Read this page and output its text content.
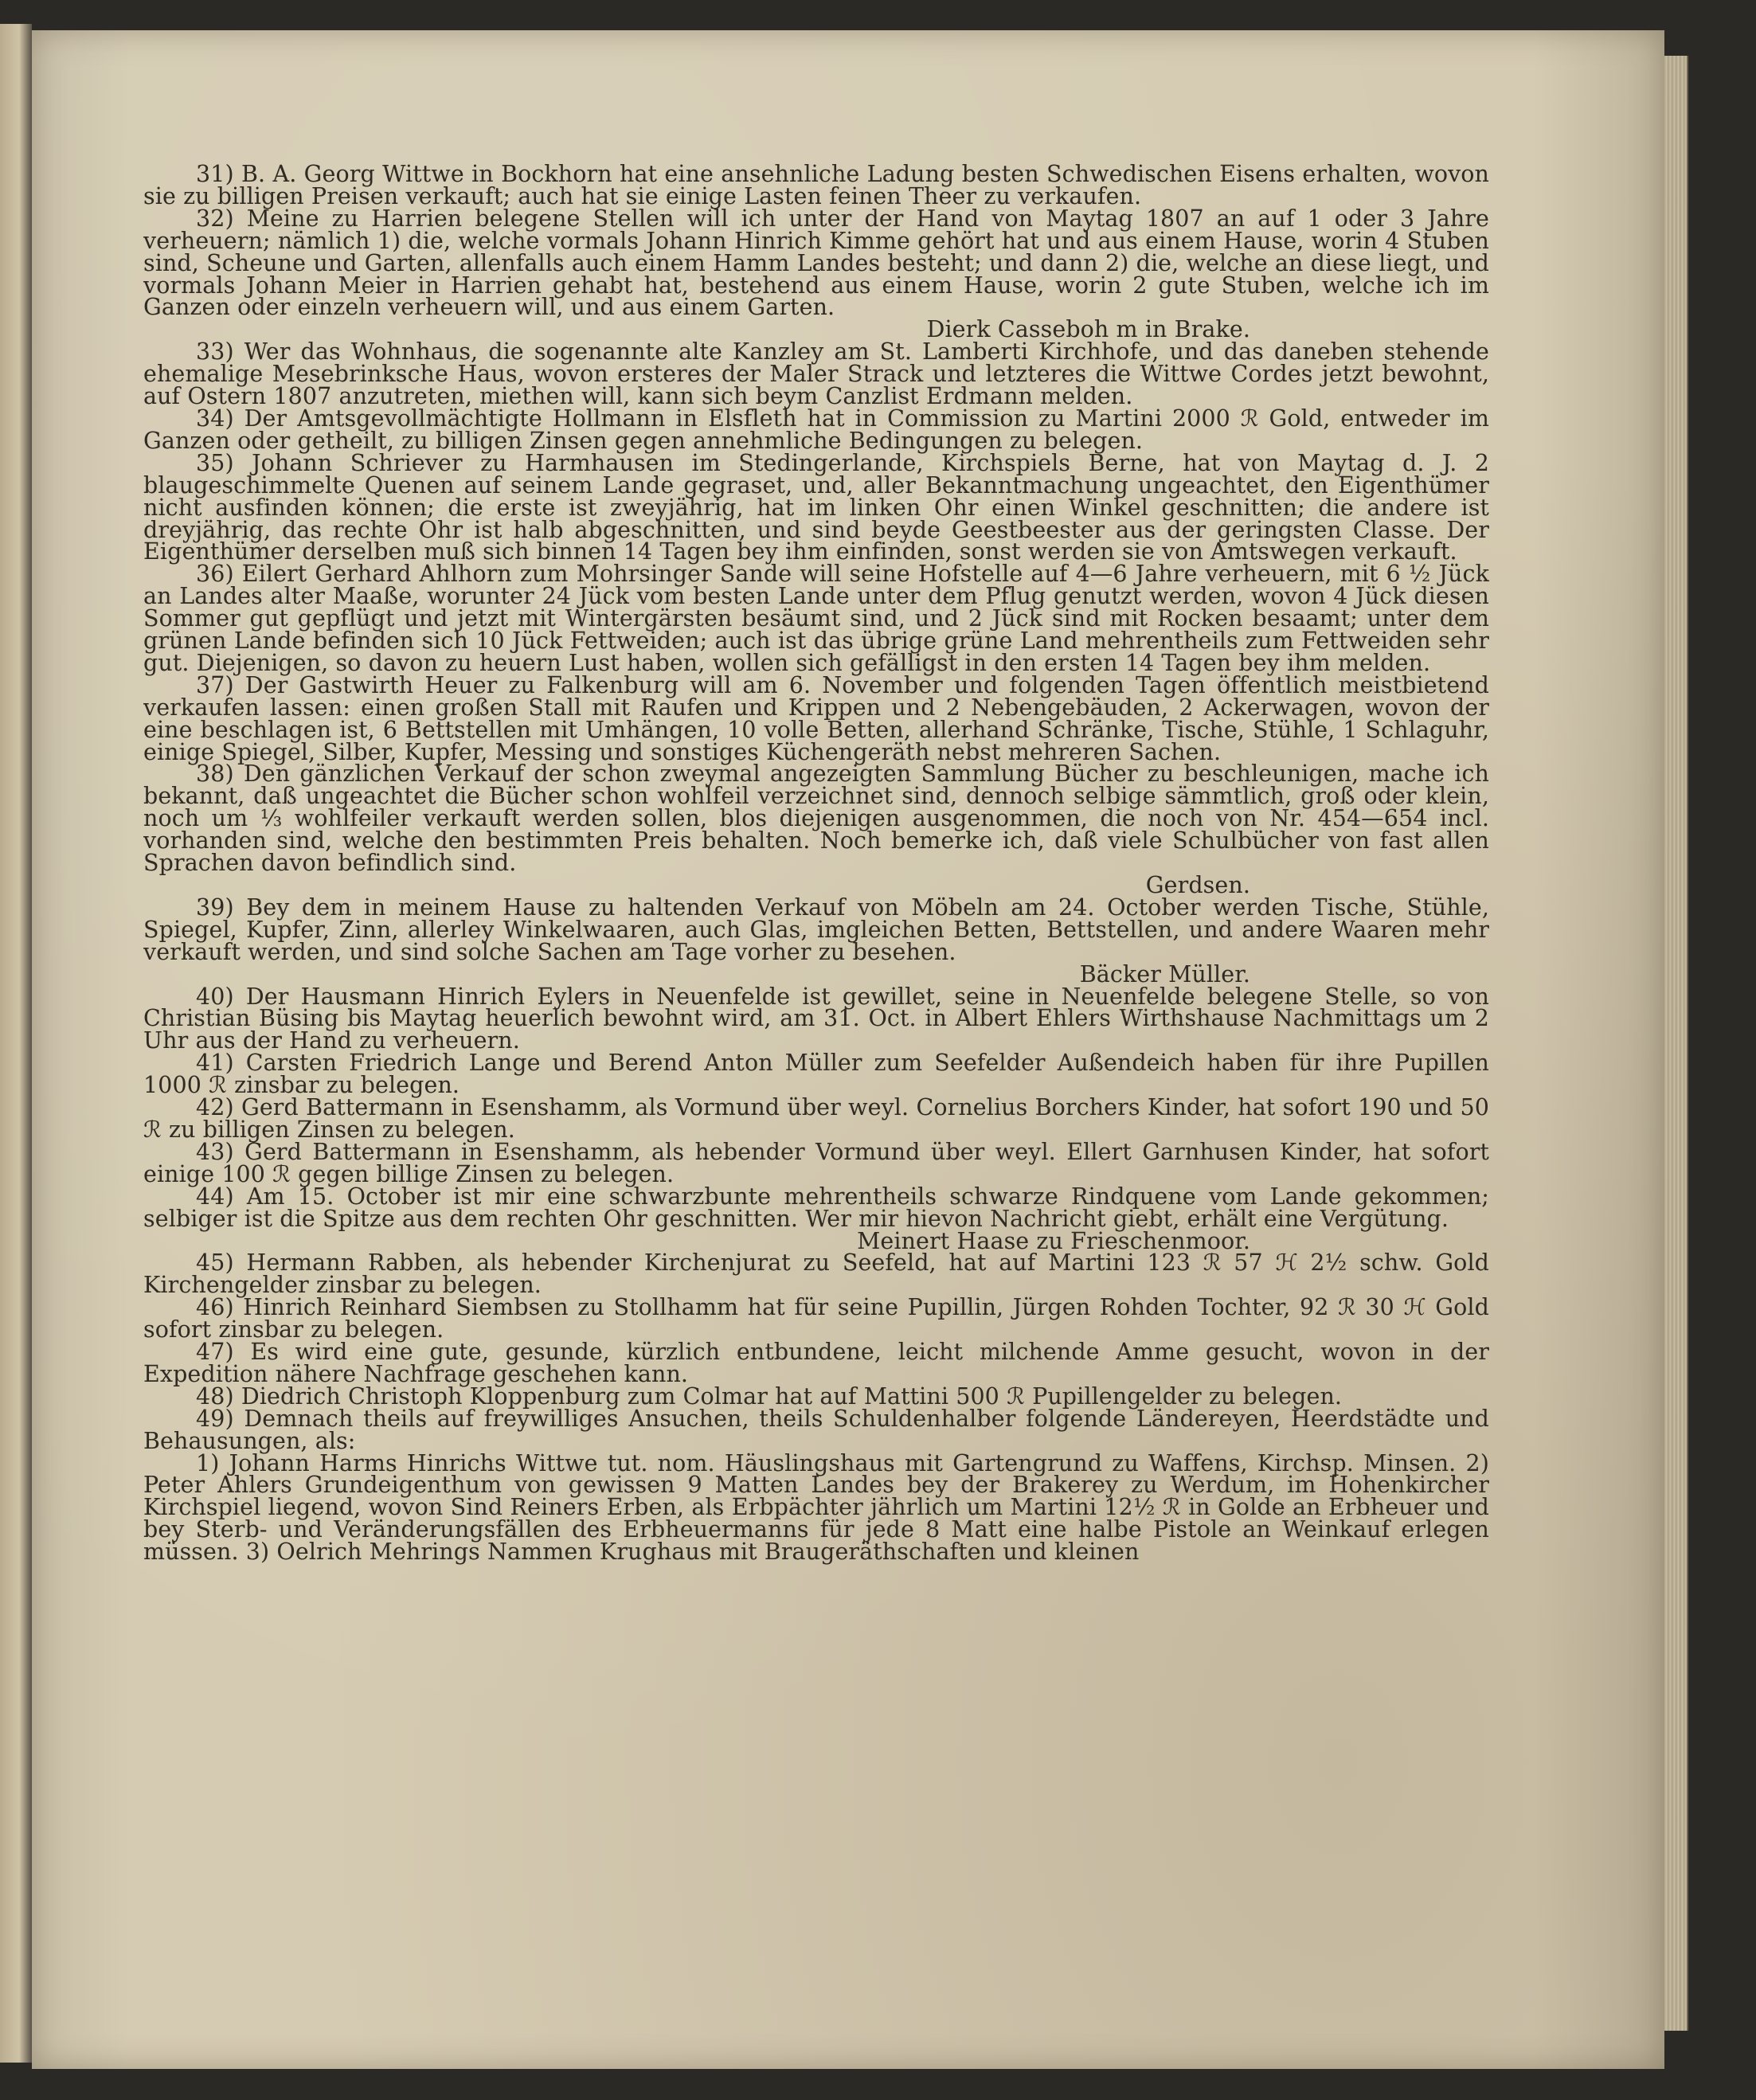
31) B. A. Georg Wittwe in Bockhorn hat eine ansehnliche Ladung besten Schwedischen Eisens erhalten, wovon sie zu billigen Preisen verkauft; auch hat sie einige Lasten feinen Theer zu verkaufen.

32) Meine zu Harrien belegene Stellen will ich unter der Hand von Maytag 1807 an auf 1 oder 3 Jahre verheuern; nämlich 1) die, welche vormals Johann Hinrich Kimme gehört hat und aus einem Hause, worin 4 Stuben sind, Scheune und Garten, allenfalls auch einem Hamm Landes besteht; und dann 2) die, welche an diese liegt, und vormals Johann Meier in Harrien gehabt hat, bestehend aus einem Hause, worin 2 gute Stuben, welche ich im Ganzen oder einzeln verheuern will, und aus einem Garten.

Dierk Casseboh m in Brake.

33) Wer das Wohnhaus, die sogenannte alte Kanzley am St. Lamberti Kirchhofe, und das daneben stehende ehemalige Mesebrinksche Haus, wovon ersteres der Maler Strack und letzteres die Wittwe Cordes jetzt bewohnt, auf Ostern 1807 anzutreten, miethen will, kann sich beym Canzlist Erdmann melden.

34) Der Amtsgevollmächtigte Hollmann in Elsfleth hat in Commission zu Martini 2000 ℛ Gold, entweder im Ganzen oder getheilt, zu billigen Zinsen gegen annehmliche Bedingungen zu belegen.

35) Johann Schriever zu Harmhausen im Stedingerlande, Kirchspiels Berne, hat von Maytag d. J. 2 blaugeschimmelte Quenen auf seinem Lande gegraset, und, aller Bekanntmachung ungeachtet, den Eigenthümer nicht ausfinden können; die erste ist zweyjährig, hat im linken Ohr einen Winkel geschnitten; die andere ist dreyjährig, das rechte Ohr ist halb abgeschnitten, und sind beyde Geestbeester aus der geringsten Classe. Der Eigenthümer derselben muß sich binnen 14 Tagen bey ihm einfinden, sonst werden sie von Amtswegen verkauft.

36) Eilert Gerhard Ahlhorn zum Mohrsinger Sande will seine Hofstelle auf 4—6 Jahre verheuern, mit 6 ½ Jück an Landes alter Maaße, worunter 24 Jück vom besten Lande unter dem Pflug genutzt werden, wovon 4 Jück diesen Sommer gut gepflügt und jetzt mit Wintergärsten besäumt sind, und 2 Jück sind mit Rocken besaamt; unter dem grünen Lande befinden sich 10 Jück Fettweiden; auch ist das übrige grüne Land mehrentheils zum Fettweiden sehr gut. Diejenigen, so davon zu heuern Lust haben, wollen sich gefälligst in den ersten 14 Tagen bey ihm melden.

37) Der Gastwirth Heuer zu Falkenburg will am 6. November und folgenden Tagen öffentlich meistbietend verkaufen lassen: einen großen Stall mit Raufen und Krippen und 2 Nebengebäuden, 2 Ackerwagen, wovon der eine beschlagen ist, 6 Bettstellen mit Umhängen, 10 volle Betten, allerhand Schränke, Tische, Stühle, 1 Schlaguhr, einige Spiegel, Silber, Kupfer, Messing und sonstiges Küchengeräth nebst mehreren Sachen.

38) Den gänzlichen Verkauf der schon zweymal angezeigten Sammlung Bücher zu beschleunigen, mache ich bekannt, daß ungeachtet die Bücher schon wohlfeil verzeichnet sind, dennoch selbige sämmtlich, groß oder klein, noch um ⅓ wohlfeiler verkauft werden sollen, blos diejenigen ausgenommen, die noch von Nr. 454—654 incl. vorhanden sind, welche den bestimmten Preis behalten. Noch bemerke ich, daß viele Schulbücher von fast allen Sprachen davon befindlich sind.

Gerdsen.

39) Bey dem in meinem Hause zu haltenden Verkauf von Möbeln am 24. October werden Tische, Stühle, Spiegel, Kupfer, Zinn, allerley Winkelwaaren, auch Glas, imgleichen Betten, Bettstellen, und andere Waaren mehr verkauft werden, und sind solche Sachen am Tage vorher zu besehen.

Bäcker Müller.

40) Der Hausmann Hinrich Eylers in Neuenfelde ist gewillet, seine in Neuenfelde belegene Stelle, so von Christian Büsing bis Maytag heuerlich bewohnt wird, am 31. Oct. in Albert Ehlers Wirthshause Nachmittags um 2 Uhr aus der Hand zu verheuern.

41) Carsten Friedrich Lange und Berend Anton Müller zum Seefelder Außendeich haben für ihre Pupillen 1000 ℛ zinsbar zu belegen.

42) Gerd Battermann in Esenshamm, als Vormund über weyl. Cornelius Borchers Kinder, hat sofort 190 und 50 ℛ zu billigen Zinsen zu belegen.

43) Gerd Battermann in Esenshamm, als hebender Vormund über weyl. Ellert Garnhusen Kinder, hat sofort einige 100 ℛ gegen billige Zinsen zu belegen.

44) Am 15. October ist mir eine schwarzbunte mehrentheils schwarze Rindquene vom Lande gekommen; selbiger ist die Spitze aus dem rechten Ohr geschnitten. Wer mir hievon Nachricht giebt, erhält eine Vergütung.

Meinert Haase zu Frieschenmoor.

45) Hermann Rabben, als hebender Kirchenjurat zu Seefeld, hat auf Martini 123 ℛ 57 ℋ 2½ schw. Gold Kirchengelder zinsbar zu belegen.

46) Hinrich Reinhard Siembsen zu Stollhamm hat für seine Pupillin, Jürgen Rohden Tochter, 92 ℛ 30 ℋ Gold sofort zinsbar zu belegen.

47) Es wird eine gute, gesunde, kürzlich entbundene, leicht milchende Amme gesucht, wovon in der Expedition nähere Nachfrage geschehen kann.

48) Diedrich Christoph Kloppenburg zum Colmar hat auf Mattini 500 ℛ Pupillengelder zu belegen.

49) Demnach theils auf freywilliges Ansuchen, theils Schuldenhalber folgende Ländereyen, Heerdstädte und Behausungen, als:

1) Johann Harms Hinrichs Wittwe tut. nom. Häuslingshaus mit Gartengrund zu Waffens, Kirchsp. Minsen. 2) Peter Ahlers Grundeigenthum von gewissen 9 Matten Landes bey der Brakerey zu Werdum, im Hohenkircher Kirchspiel liegend, wovon Sind Reiners Erben, als Erbpächter jährlich um Martini 12½ ℛ in Golde an Erbheuer und bey Sterb- und Veränderungsfällen des Erbheuermanns für jede 8 Matt eine halbe Pistole an Weinkauf erlegen müssen. 3) Oelrich Mehrings Nammen Krughaus mit Braugeräthschaften und kleinen
